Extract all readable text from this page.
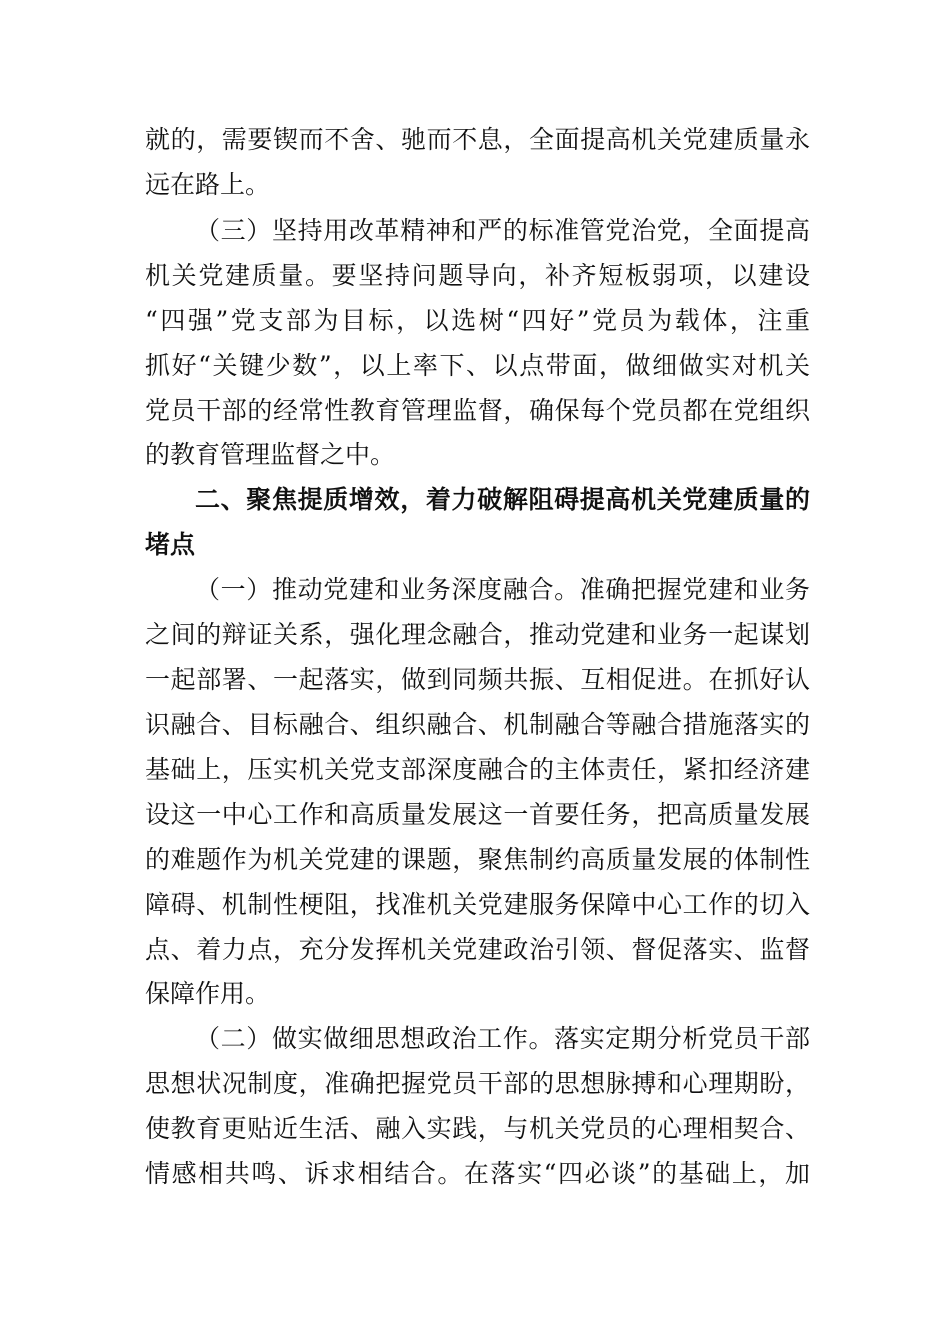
就的，需要锲而不舍、驰而不息，全面提高机关党建质量永
远在路上。
（三）坚持用改革精神和严的标准管党治党，全面提高
机关党建质量。要坚持问题导向，补齐短板弱项，以建设
“四强”党支部为目标，以选树“四好”党员为载体，注重
抓好“关键少数”，以上率下、以点带面，做细做实对机关
党员干部的经常性教育管理监督，确保每个党员都在党组织
的教育管理监督之中。
二、聚焦提质增效，着力破解阻碍提高机关党建质量的
堵点
（一）推动党建和业务深度融合。准确把握党建和业务
之间的辩证关系，强化理念融合，推动党建和业务一起谋划
一起部署、一起落实，做到同频共振、互相促进。在抓好认
识融合、目标融合、组织融合、机制融合等融合措施落实的
基础上，压实机关党支部深度融合的主体责任，紧扣经济建
设这一中心工作和高质量发展这一首要任务，把高质量发展
的难题作为机关党建的课题，聚焦制约高质量发展的体制性
障碍、机制性梗阻，找准机关党建服务保障中心工作的切入
点、着力点，充分发挥机关党建政治引领、督促落实、监督
保障作用。
（二）做实做细思想政治工作。落实定期分析党员干部
思想状况制度，准确把握党员干部的思想脉搏和心理期盼，
使教育更贴近生活、融入实践，与机关党员的心理相契合、
情感相共鸣、诉求相结合。在落实“四必谈”的基础上，加
